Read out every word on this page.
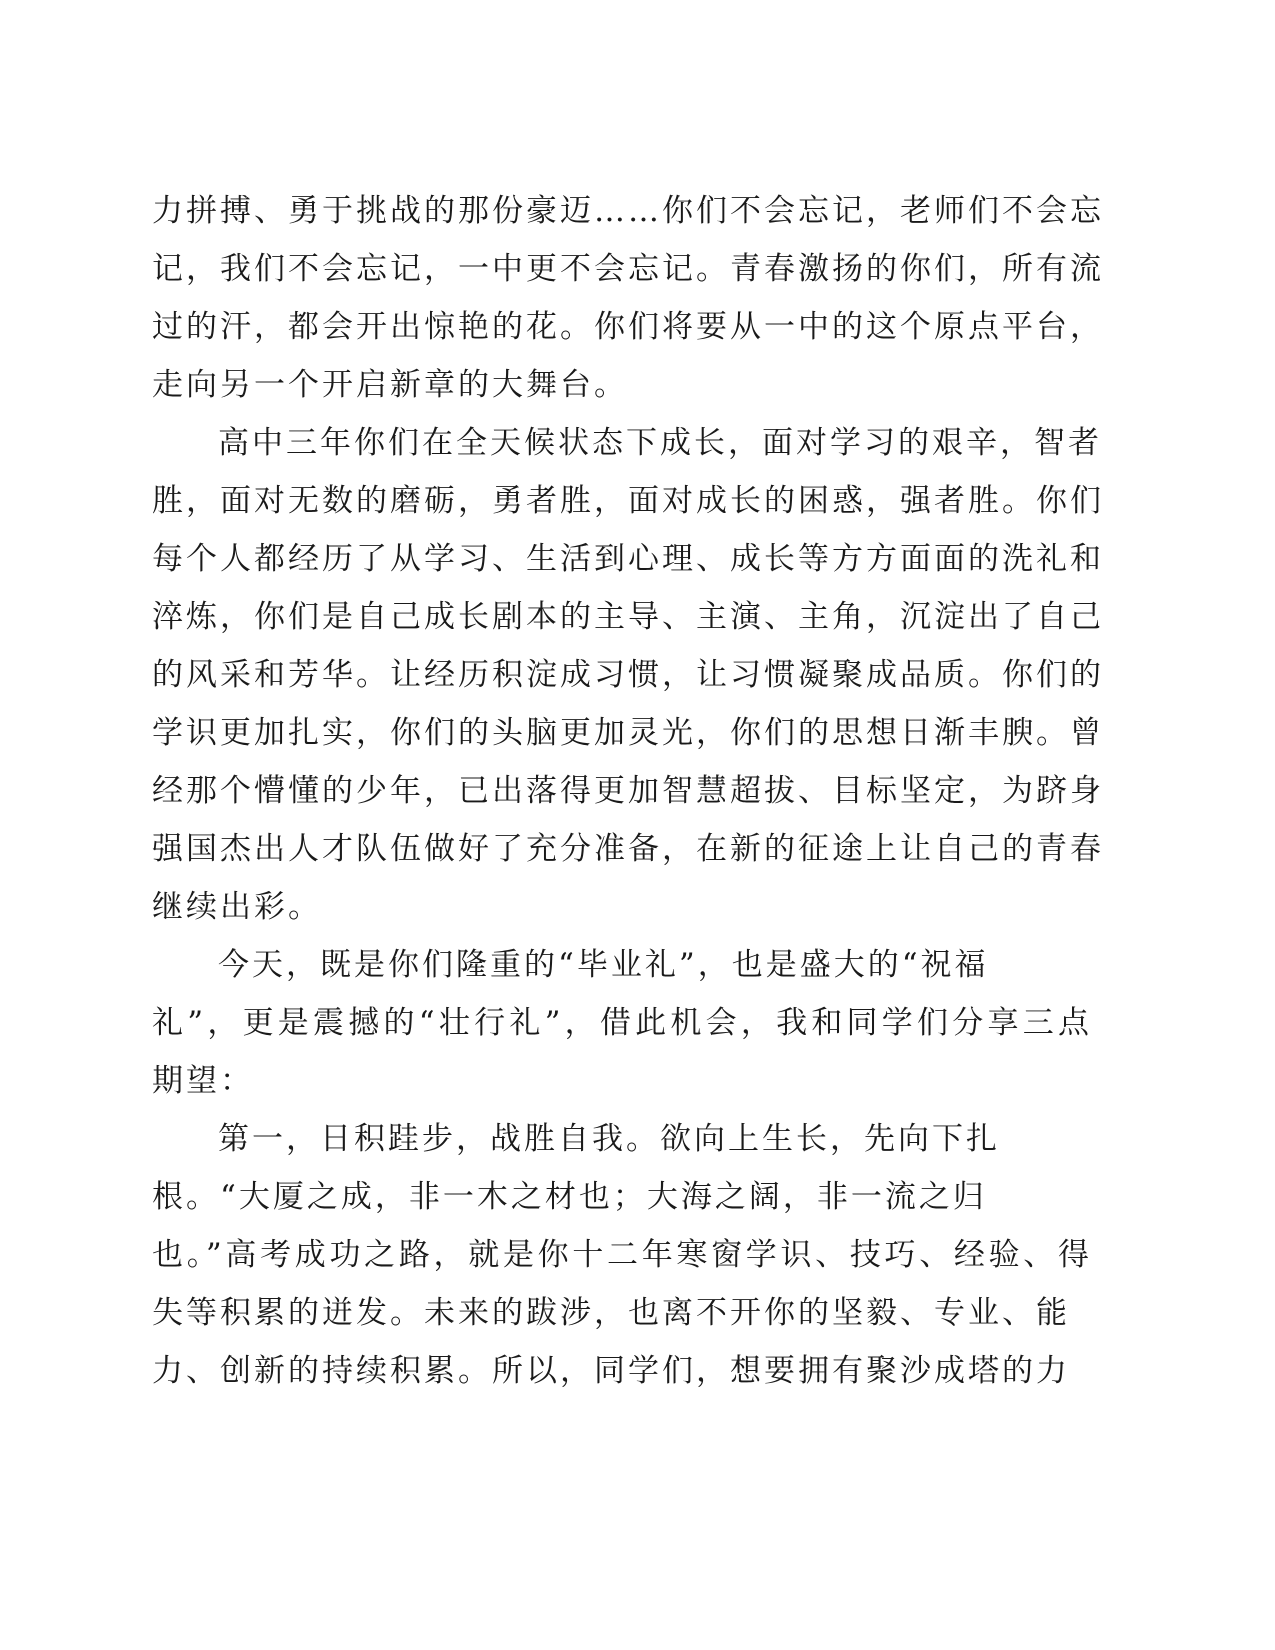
力拼搏、勇于挑战的那份豪迈……你们不会忘记，老师们不会忘
记，我们不会忘记，一中更不会忘记。青春激扬的你们，所有流
过的汗，都会开出惊艳的花。你们将要从一中的这个原点平台，
走向另一个开启新章的大舞台。
高中三年你们在全天候状态下成长，面对学习的艰辛，智者
胜，面对无数的磨砺，勇者胜，面对成长的困惑，强者胜。你们
每个人都经历了从学习、生活到心理、成长等方方面面的洗礼和
淬炼，你们是自己成长剧本的主导、主演、主角，沉淀出了自己
的风采和芳华。让经历积淀成习惯，让习惯凝聚成品质。你们的
学识更加扎实，你们的头脑更加灵光，你们的思想日渐丰腴。曾
经那个懵懂的少年，已出落得更加智慧超拔、目标坚定，为跻身
强国杰出人才队伍做好了充分准备，在新的征途上让自己的青春
继续出彩。
今天，既是你们隆重的“毕业礼”，也是盛大的“祝福
礼”，更是震撼的“壮行礼”，借此机会，我和同学们分享三点
期望：
第一，日积跬步，战胜自我。欲向上生长，先向下扎
根。“大厦之成，非一木之材也；大海之阔，非一流之归
也。”高考成功之路，就是你十二年寒窗学识、技巧、经验、得
失等积累的迸发。未来的跋涉，也离不开你的坚毅、专业、能
力、创新的持续积累。所以，同学们，想要拥有聚沙成塔的力
